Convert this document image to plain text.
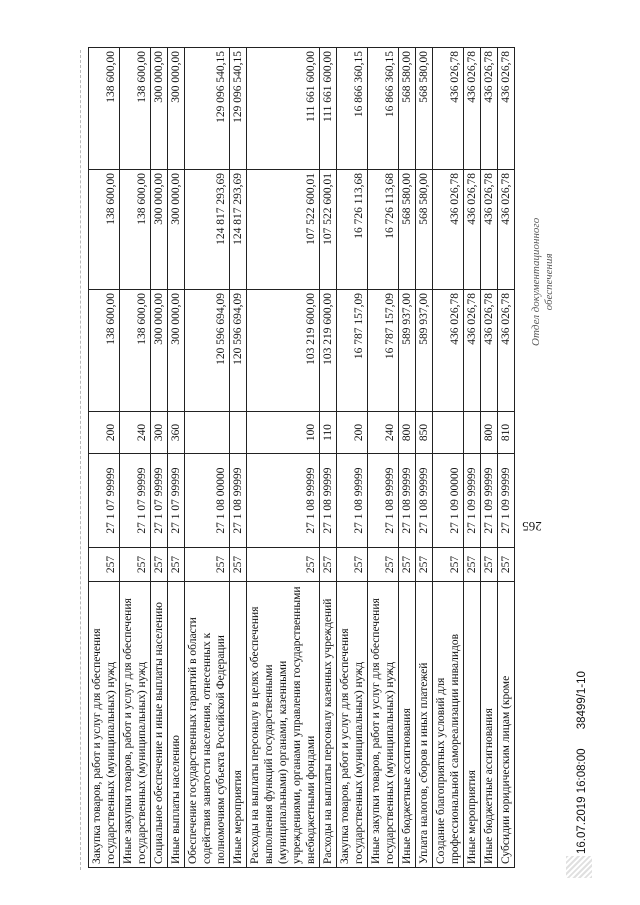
Закупка товаров, работ и услуг для обеспечения государственных (муниципальных) нужд	257	27 1 07 99999	200	138 600,00	138 600,00	138 600,00
Иные закупки товаров, работ и услуг для обеспечения государственных (муниципальных) нужд	257	27 1 07 99999	240	138 600,00	138 600,00	138 600,00
Социальное обеспечение и иные выплаты населению	257	27 1 07 99999	300	300 000,00	300 000,00	300 000,00
Иные выплаты населению	257	27 1 07 99999	360	300 000,00	300 000,00	300 000,00
Обеспечение государственных гарантий в области содействия занятости населения, отнесенных к полномочиям субъекта Российской Федерации	257	27 1 08 00000		120 596 694,09	124 817 293,69	129 096 540,15
Иные мероприятия	257	27 1 08 99999		120 596 694,09	124 817 293,69	129 096 540,15
Расходы на выплаты персоналу в целях обеспечения выполнения функций государственными (муниципальными) органами, казенными учреждениями, органами управления государственными внебюджетными фондами	257	27 1 08 99999	100	103 219 600,00	107 522 600,01	111 661 600,00
Расходы на выплаты персоналу казенных учреждений	257	27 1 08 99999	110	103 219 600,00	107 522 600,01	111 661 600,00
Закупка товаров, работ и услуг для обеспечения государственных (муниципальных) нужд	257	27 1 08 99999	200	16 787 157,09	16 726 113,68	16 866 360,15
Иные закупки товаров, работ и услуг для обеспечения государственных (муниципальных) нужд	257	27 1 08 99999	240	16 787 157,09	16 726 113,68	16 866 360,15
Иные бюджетные ассигнования	257	27 1 08 99999	800	589 937,00	568 580,00	568 580,00
Уплата налогов, сборов и иных платежей	257	27 1 08 99999	850	589 937,00	568 580,00	568 580,00
Создание благоприятных условий для профессиональной самореализации инвалидов	257	27 1 09 00000		436 026,78	436 026,78	436 026,78
Иные мероприятия	257	27 1 09 99999		436 026,78	436 026,78	436 026,78
Иные бюджетные ассигнования	257	27 1 09 99999	800	436 026,78	436 026,78	436 026,78
Субсидии юридическим лицам (кроме	257	27 1 09 99999	810	436 026,78	436 026,78	436 026,78
265
Отдел документационного обеспечения
16.07.2019 16:08:00 38499/1-10
